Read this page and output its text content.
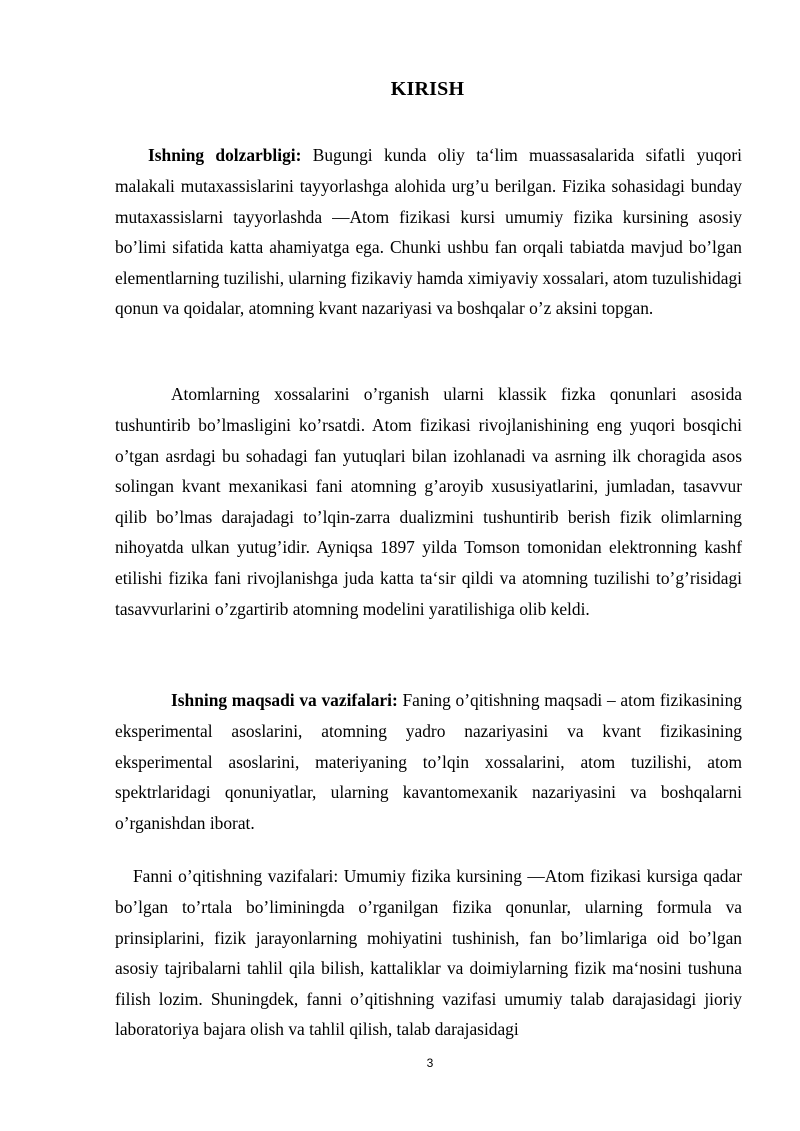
KIRISH

Ishning dolzarbligi: Bugungi kunda oliy ta‘lim muassasalarida sifatli yuqori malakali mutaxassislarini tayyorlashga alohida urg’u berilgan. Fizika sohasidagi bunday mutaxassislarni tayyorlashda ―Atom fizikasi kursi umumiy fizika kursining asosiy bo’limi sifatida katta ahamiyatga ega. Chunki ushbu fan orqali tabiatda mavjud bo’lgan elementlarning tuzilishi, ularning fizikaviy hamda ximiyaviy xossalari, atom tuzulishidagi qonun va qoidalar, atomning kvant nazariyasi va boshqalar o’z aksini topgan.

Atomlarning xossalarini o’rganish ularni klassik fizka qonunlari asosida tushuntirib bo’lmasligini ko’rsatdi. Atom fizikasi rivojlanishining eng yuqori bosqichi o’tgan asrdagi bu sohadagi fan yutuqlari bilan izohlanadi va asrning ilk choragida asos solingan kvant mexanikasi fani atomning g’aroyib xususiyatlarini, jumladan, tasavvur qilib bo’lmas darajadagi to’lqin-zarra dualizmini tushuntirib berish fizik olimlarning nihoyatda ulkan yutug’idir. Ayniqsa 1897 yilda Tomson tomonidan elektronning kashf etilishi fizika fani rivojlanishga juda katta ta‘sir qildi va atomning tuzilishi to’g’risidagi tasavvurlarini o’zgartirib atomning modelini yaratilishiga olib keldi.

Ishning maqsadi va vazifalari: Faning o’qitishning maqsadi – atom fizikasining eksperimental asoslarini, atomning yadro nazariyasini va kvant fizikasining eksperimental asoslarini, materiyaning to’lqin xossalarini, atom tuzilishi, atom spektrlaridagi qonuniyatlar, ularning kavantomexanik nazariyasini va boshqalarni o’rganishdan iborat.

Fanni o’qitishning vazifalari: Umumiy fizika kursining ―Atom fizikasi kursiga qadar bo’lgan to’rtala bo’liminingda o’rganilgan fizika qonunlar, ularning formula va prinsiplarini, fizik jarayonlarning mohiyatini tushinish, fan bo’limlariga oid bo’lgan asosiy tajribalarni tahlil qila bilish, kattaliklar va doimiylarning fizik ma‘nosini tushuna filish lozim. Shuningdek, fanni o’qitishning vazifasi umumiy talab darajasidagi jioriy laboratoriya bajara olish va tahlil qilish, talab darajasidagi

3
